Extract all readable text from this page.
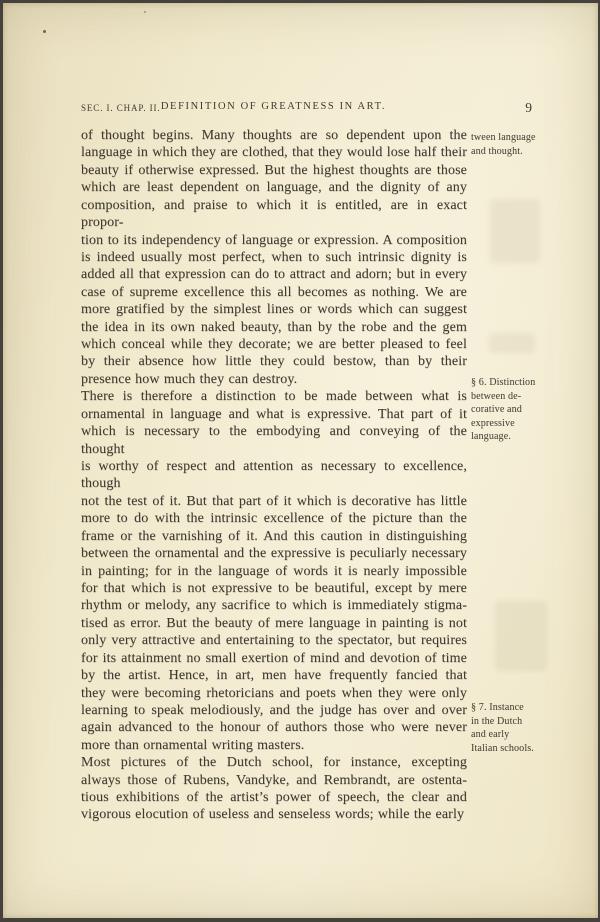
SEC. I. CHAP. II. DEFINITION OF GREATNESS IN ART.	9
of thought begins. Many thoughts are so dependent upon the
language in which they are clothed, that they would lose half their
beauty if otherwise expressed. But the highest thoughts are those
which are least dependent on language, and the dignity of any
composition, and praise to which it is entitled, are in exact propor-
tion to its independency of language or expression. A composition
is indeed usually most perfect, when to such intrinsic dignity is
added all that expression can do to attract and adorn; but in every
case of supreme excellence this all becomes as nothing. We are
more gratified by the simplest lines or words which can suggest
the idea in its own naked beauty, than by the robe and the gem
which conceal while they decorate; we are better pleased to feel
by their absence how little they could bestow, than by their
presence how much they can destroy.
There is therefore a distinction to be made between what is
ornamental in language and what is expressive. That part of it
which is necessary to the embodying and conveying of the thought
is worthy of respect and attention as necessary to excellence, though
not the test of it. But that part of it which is decorative has little
more to do with the intrinsic excellence of the picture than the
frame or the varnishing of it. And this caution in distinguishing
between the ornamental and the expressive is peculiarly necessary
in painting; for in the language of words it is nearly impossible
for that which is not expressive to be beautiful, except by mere
rhythm or melody, any sacrifice to which is immediately stigma-
tised as error. But the beauty of mere language in painting is not
only very attractive and entertaining to the spectator, but requires
for its attainment no small exertion of mind and devotion of time
by the artist. Hence, in art, men have frequently fancied that
they were becoming rhetoricians and poets when they were only
learning to speak melodiously, and the judge has over and over
again advanced to the honour of authors those who were never
more than ornamental writing masters.
Most pictures of the Dutch school, for instance, excepting
always those of Rubens, Vandyke, and Rembrandt, are ostenta-
tious exhibitions of the artist’s power of speech, the clear and
vigorous elocution of useless and senseless words; while the early
tween language
and thought.
§ 6. Distinction
between de-
corative and
expressive
language.
§ 7. Instance
in the Dutch
and early
Italian schools.
